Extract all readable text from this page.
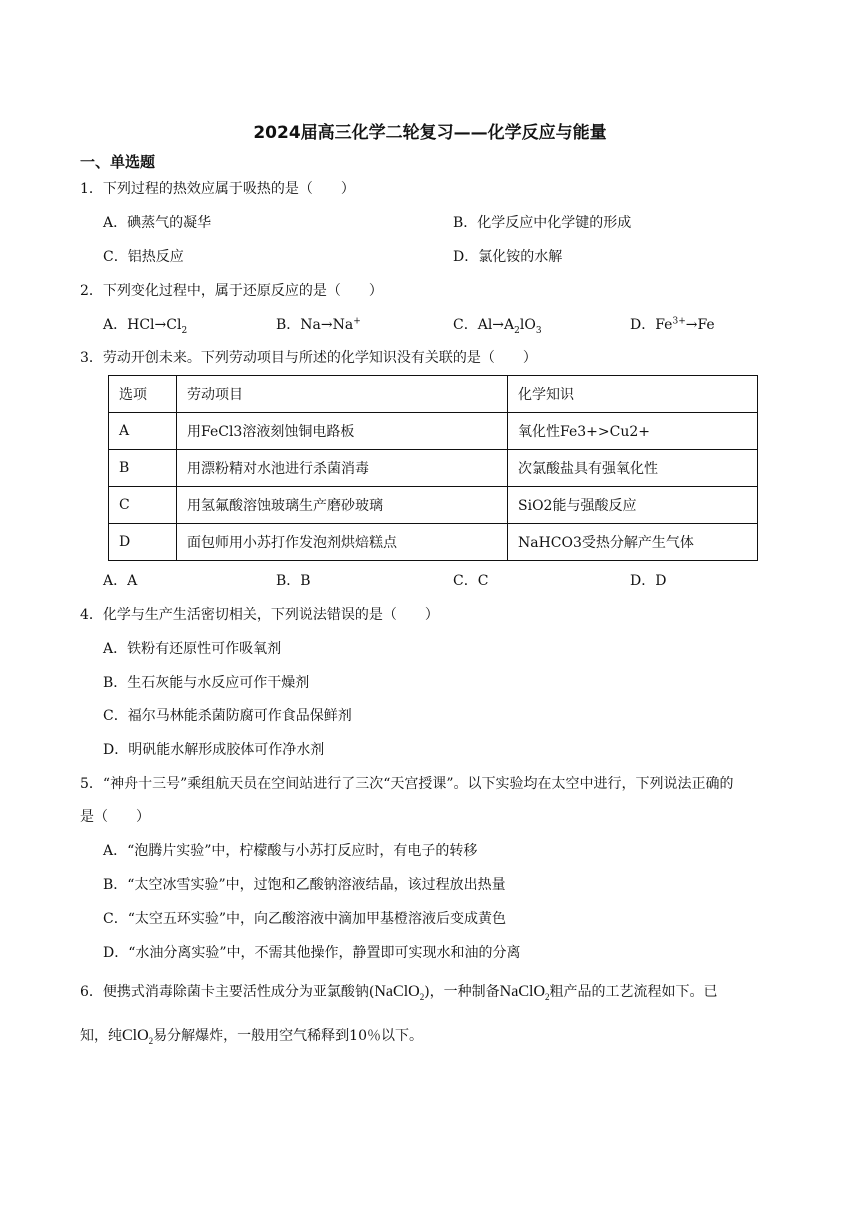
2024届高三化学二轮复习——化学反应与能量
一、单选题
1．下列过程的热效应属于吸热的是（　　）
A．碘蒸气的凝华	B．化学反应中化学键的形成
C．铝热反应	D．氯化铵的水解
2．下列变化过程中，属于还原反应的是（　　）
A．$HCl\to Cl_2$	B．Na→Na+	C．$Al\to A_2lO_3$	D．$Fe^{3+}\to Fe$
3．劳动开创未来。下列劳动项目与所述的化学知识没有关联的是（　　）
选项	劳动项目	化学知识
A	用FeCl3溶液刻蚀铜电路板	氧化性Fe3+>Cu2+
B	用漂粉精对水池进行杀菌消毒	次氯酸盐具有强氧化性
C	用氢氟酸溶蚀玻璃生产磨砂玻璃	SiO2能与强酸反应
D	面包师用小苏打作发泡剂烘焙糕点	NaHCO3受热分解产生气体
A．A	B．B	C．C	D．D
4．化学与生产生活密切相关，下列说法错误的是（　　）
A．铁粉有还原性可作吸氧剂
B．生石灰能与水反应可作干燥剂
C．福尔马林能杀菌防腐可作食品保鲜剂
D．明矾能水解形成胶体可作净水剂
5．“神舟十三号”乘组航天员在空间站进行了三次“天宫授课”。以下实验均在太空中进行，下列说法正确的
是（　　）
A．“泡腾片实验”中，柠檬酸与小苏打反应时，有电子的转移
B．“太空冰雪实验”中，过饱和乙酸钠溶液结晶，该过程放出热量
C．“太空五环实验”中，向乙酸溶液中滴加甲基橙溶液后变成黄色
D．“水油分离实验”中，不需其他操作，静置即可实现水和油的分离
6．便携式消毒除菌卡主要活性成分为亚氯酸钠(NaClO$_2$)，一种制备NaClO$_2$粗产品的工艺流程如下。已
知，纯ClO$_2$易分解爆炸，一般用空气稀释到10％以下。
